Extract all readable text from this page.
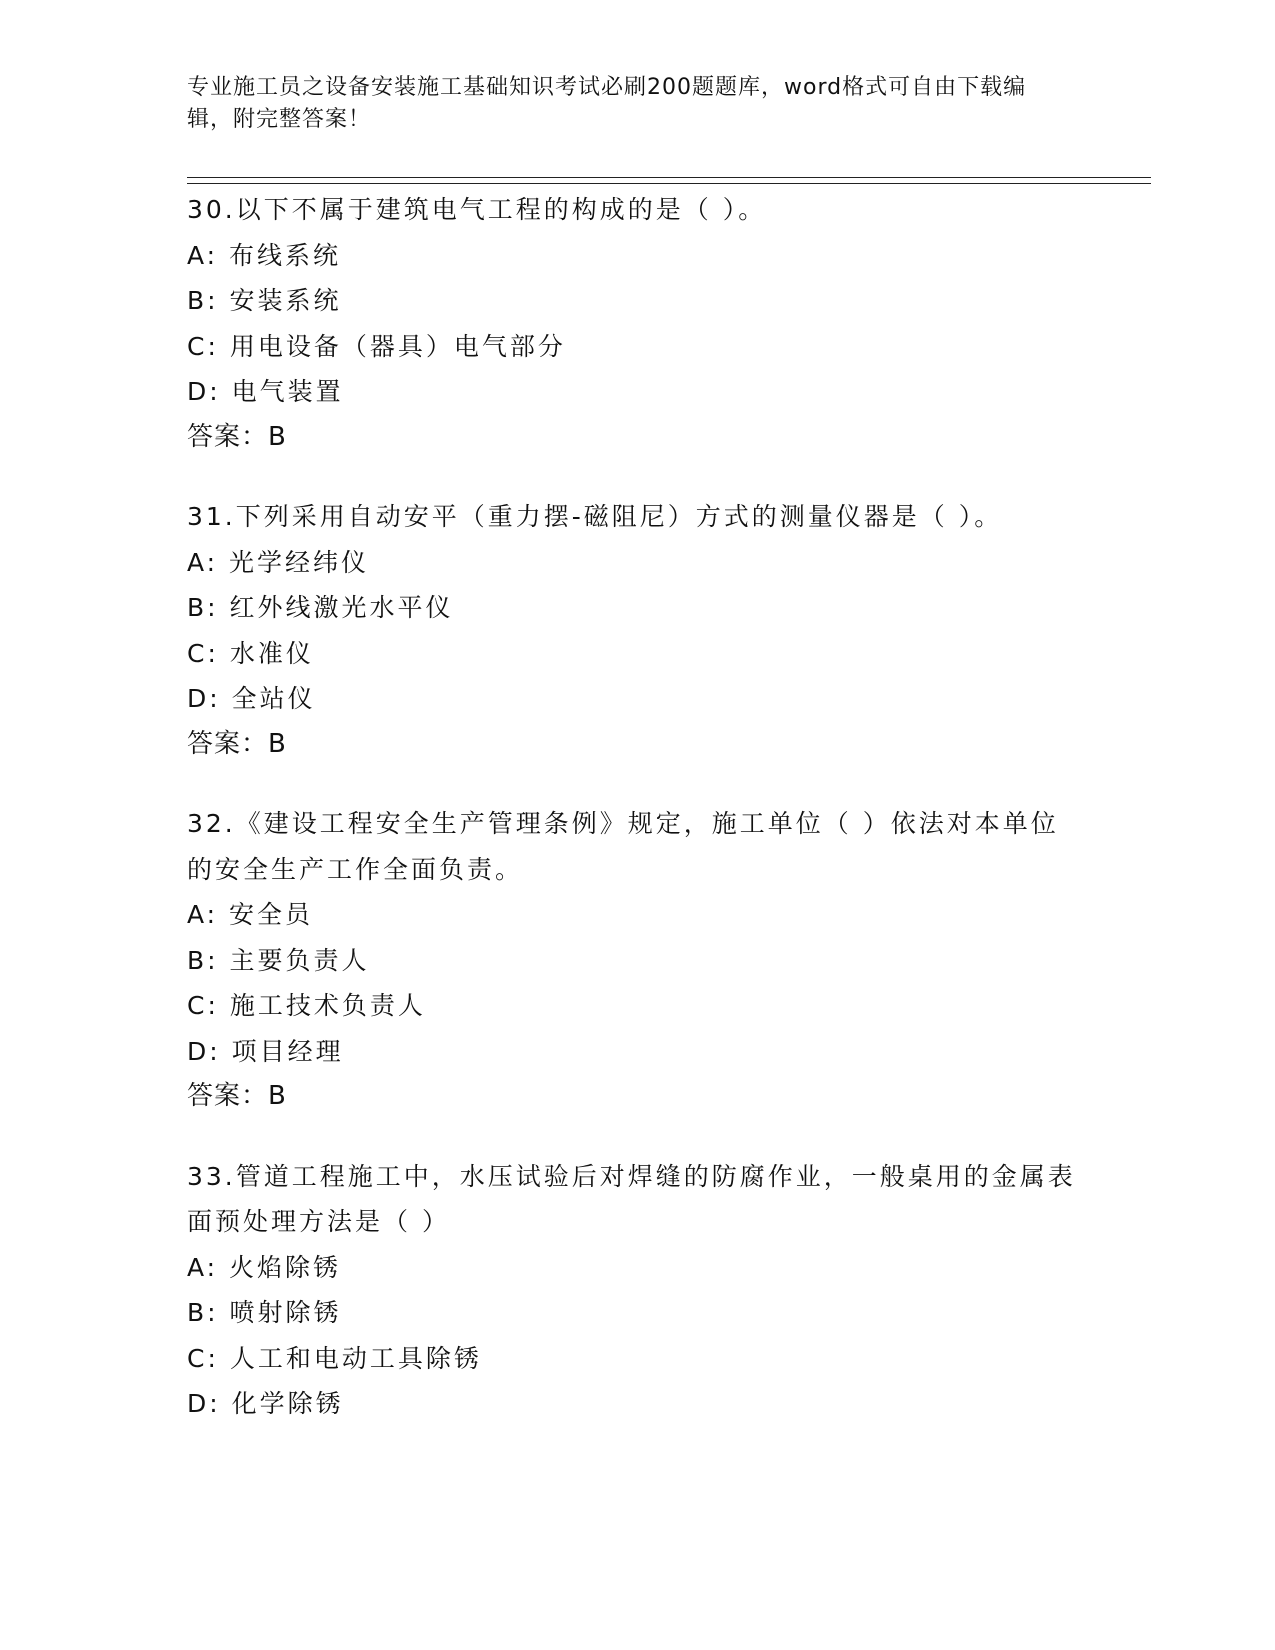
专业施工员之设备安装施工基础知识考试必刷200题题库，word格式可自由下载编辑，附完整答案！
30.以下不属于建筑电气工程的构成的是（ ）。
A: 布线系统
B: 安装系统
C: 用电设备（器具）电气部分
D: 电气装置
答案：B
31.下列采用自动安平（重力摆-磁阻尼）方式的测量仪器是（ ）。
A: 光学经纬仪
B: 红外线激光水平仪
C: 水准仪
D: 全站仪
答案：B
32.《建设工程安全生产管理条例》规定，施工单位（ ）依法对本单位的安全生产工作全面负责。
A: 安全员
B: 主要负责人
C: 施工技术负责人
D: 项目经理
答案：B
33.管道工程施工中，水压试验后对焊缝的防腐作业，一般桌用的金属表面预处理方法是（ ）
A: 火焰除锈
B: 喷射除锈
C: 人工和电动工具除锈
D: 化学除锈
